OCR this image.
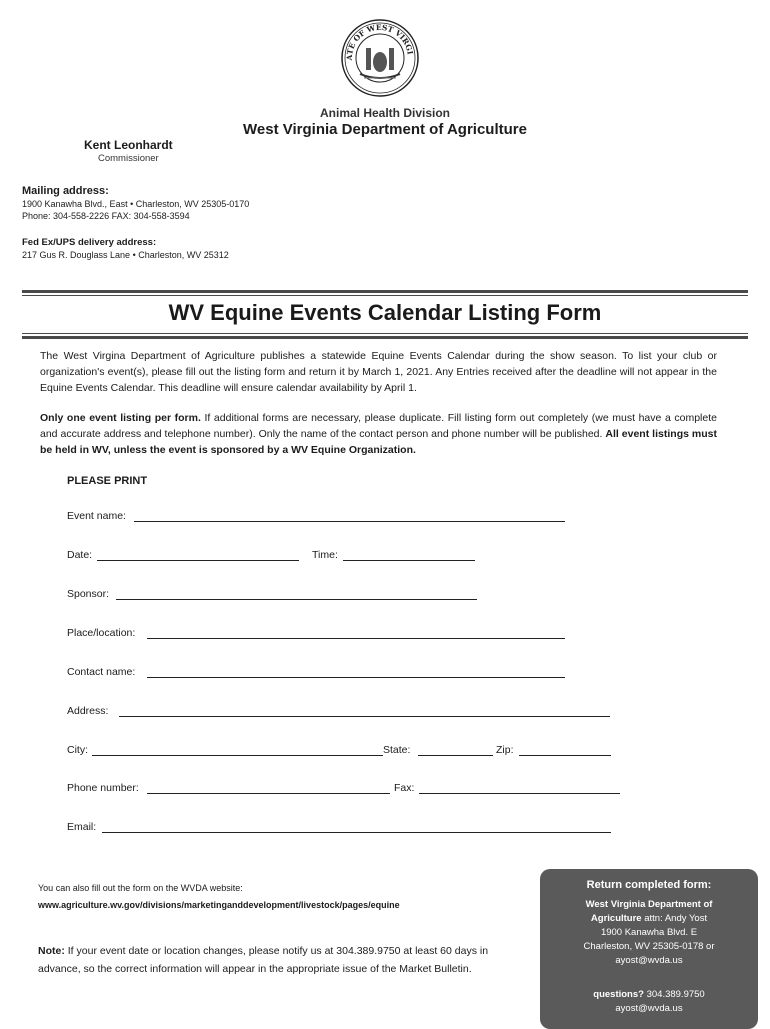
ATE OF WEST VIRGI
Animal Health Division
West Virginia Department of Agriculture
Kent Leonhardt
Commissioner
Mailing address:
1900 Kanawha Blvd., East • Charleston, WV 25305-0170
Phone: 304-558-2226 FAX: 304-558-3594
Fed Ex/UPS delivery address:
217 Gus R. Douglass Lane • Charleston, WV 25312
WV Equine Events Calendar Listing Form
The West Virgina Department of Agriculture publishes a statewide Equine Events Calendar during the show season. To list your club or organization's event(s), please fill out the listing form and return it by March 1, 2021. Any Entries received after the deadline will not appear in the Equine Events Calendar. This deadline will ensure calendar availability by April 1.
Only one event listing per form. If additional forms are necessary, please duplicate. Fill listing form out completely (we must have a complete and accurate address and telephone number). Only the name of the contact person and phone number will be published. All event listings must be held in WV, unless the event is sponsored by a WV Equine Organization.
PLEASE PRINT
Event name:
Date:	Time:
Sponsor:
Place/location:
Contact name:
Address:
City:	State:	Zip:
Phone number:	Fax:
Email:
You can also fill out the form on the WVDA website:
www.agriculture.wv.gov/divisions/marketinganddevelopment/livestock/pages/equine
Note: If your event date or location changes, please notify us at 304.389.9750 at least 60 days in advance, so the correct information will appear in the appropriate issue of the Market Bulletin.
Return completed form:
West Virginia Department of
Agriculture attn: Andy Yost
1900 Kanawha Blvd. E
Charleston, WV 25305-0178 or
ayost@wvda.us
questions? 304.389.9750
ayost@wvda.us
